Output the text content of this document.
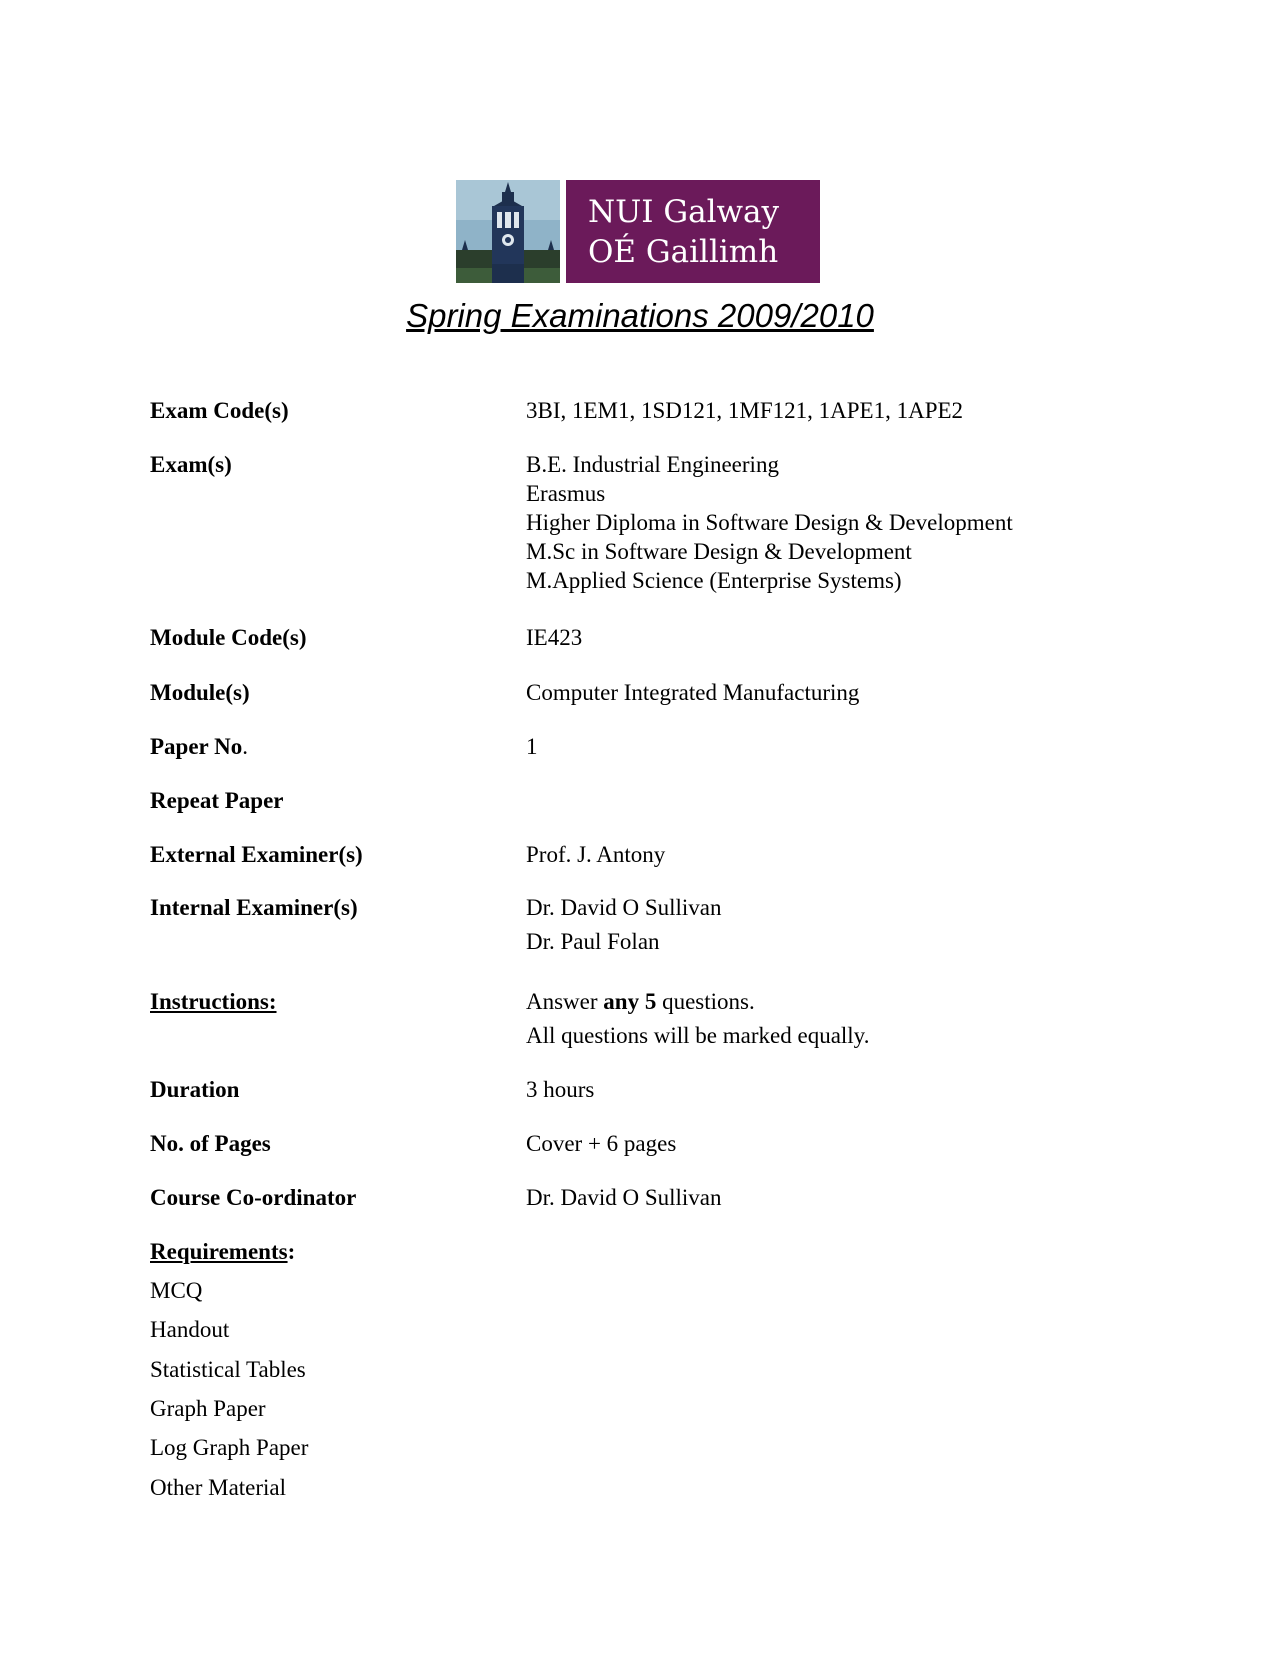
NUI Galway
OÉ Gaillimh
Spring Examinations 2009/2010
Exam Code(s)	3BI, 1EM1, 1SD121, 1MF121, 1APE1, 1APE2
Exam(s)	B.E. Industrial Engineering
Erasmus
Higher Diploma in Software Design & Development
M.Sc in Software Design & Development
M.Applied Science (Enterprise Systems)
Module Code(s)	IE423
Module(s)	Computer Integrated Manufacturing
Paper No.	1
Repeat Paper
External Examiner(s)	Prof. J. Antony
Internal Examiner(s)	Dr. David O Sullivan
Dr. Paul Folan
Instructions:	Answer any 5 questions.
All questions will be marked equally.
Duration	3 hours
No. of Pages	Cover + 6 pages
Course Co-ordinator	Dr. David O Sullivan
Requirements:
MCQ
Handout
Statistical Tables
Graph Paper
Log Graph Paper
Other Material
